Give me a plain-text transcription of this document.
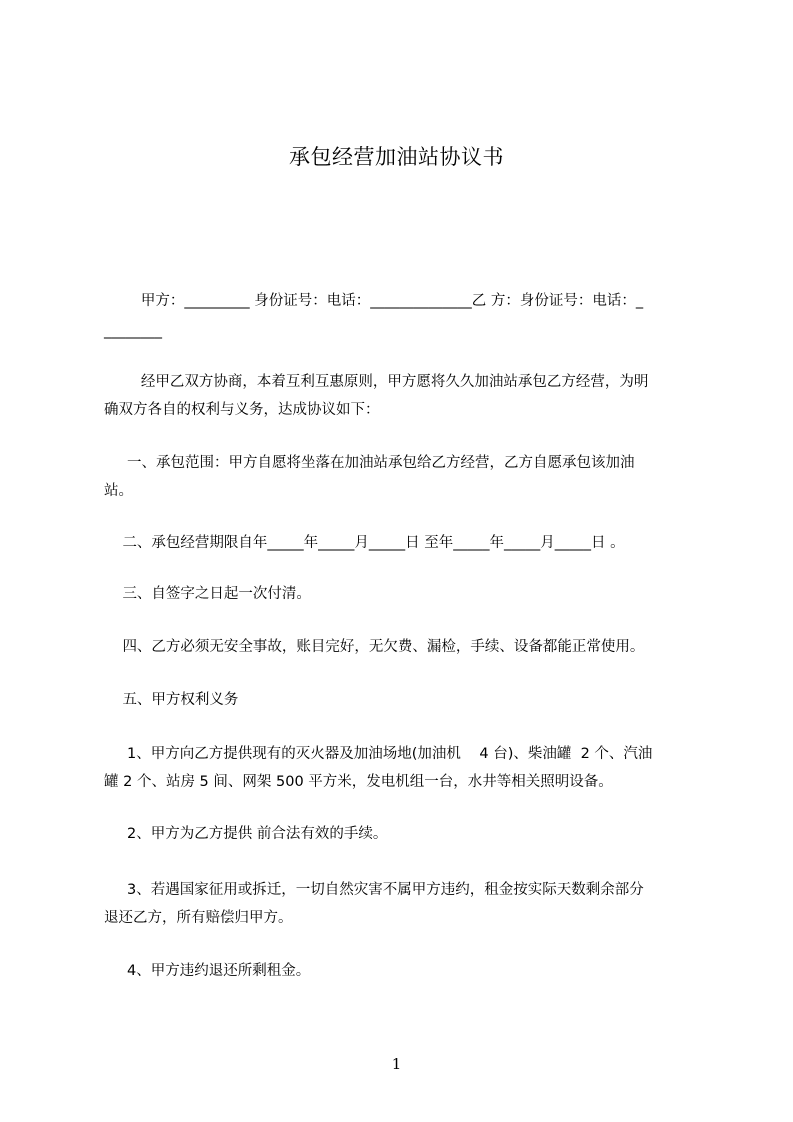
承包经营加油站协议书
甲方：_________ 身份证号：电话：______________乙 方：身份证号：电话：_
________
经甲乙双方协商，本着互利互惠原则，甲方愿将久久加油站承包乙方经营，为明
确双方各自的权利与义务，达成协议如下：
一、承包范围：甲方自愿将坐落在加油站承包给乙方经营，乙方自愿承包该加油
站。
二、承包经营期限自年_____年_____月_____日 至年_____年_____月_____日 。
三、自签字之日起一次付清。
四、乙方必须无安全事故，账目完好，无欠费、漏检，手续、设备都能正常使用。
五、甲方权利义务
1、甲方向乙方提供现有的灭火器及加油场地(加油机    4 台)、柴油罐  2 个、汽油
罐 2 个、站房 5 间、网架 500 平方米，发电机组一台，水井等相关照明设备。
2、甲方为乙方提供 前合法有效的手续。
3、若遇国家征用或拆迁，一切自然灾害不属甲方违约，租金按实际天数剩余部分
退还乙方，所有赔偿归甲方。
4、甲方违约退还所剩租金。
1
